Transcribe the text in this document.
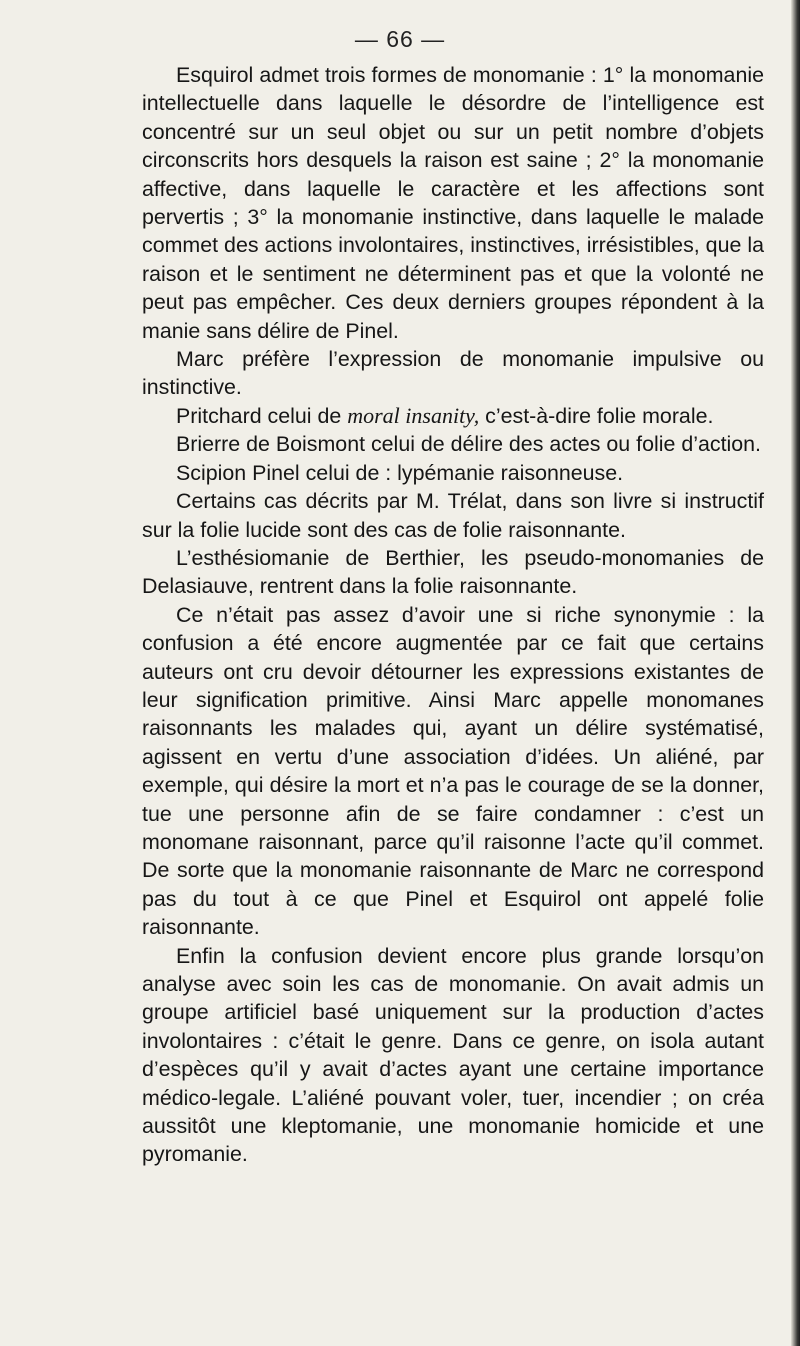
— 66 —

Esquirol admet trois formes de monomanie : 1° la monomanie intellectuelle dans laquelle le désordre de l’intelligence est concentré sur un seul objet ou sur un petit nombre d’objets circonscrits hors desquels la raison est saine ; 2° la monomanie affective, dans laquelle le caractère et les affections sont pervertis ; 3° la monomanie instinctive, dans laquelle le malade commet des actions involontaires, instinctives, irrésistibles, que la raison et le sentiment ne déterminent pas et que la volonté ne peut pas empêcher. Ces deux derniers groupes répondent à la manie sans délire de Pinel.

Marc préfère l’expression de monomanie impulsive ou instinctive.

Pritchard celui de moral insanity, c’est-à-dire folie morale.

Brierre de Boismont celui de délire des actes ou folie d’action.

Scipion Pinel celui de : lypémanie raisonneuse.

Certains cas décrits par M. Trélat, dans son livre si instructif sur la folie lucide sont des cas de folie raisonnante.

L’esthésiomanie de Berthier, les pseudo-monomanies de Delasiauve, rentrent dans la folie raisonnante.

Ce n’était pas assez d’avoir une si riche synonymie : la confusion a été encore augmentée par ce fait que certains auteurs ont cru devoir détourner les expressions existantes de leur signification primitive. Ainsi Marc appelle monomanes raisonnants les malades qui, ayant un délire systématisé, agissent en vertu d’une association d’idées. Un aliéné, par exemple, qui désire la mort et n’a pas le courage de se la donner, tue une personne afin de se faire condamner : c’est un monomane raisonnant, parce qu’il raisonne l’acte qu’il commet. De sorte que la monomanie raisonnante de Marc ne correspond pas du tout à ce que Pinel et Esquirol ont appelé folie raisonnante.

Enfin la confusion devient encore plus grande lorsqu’on analyse avec soin les cas de monomanie. On avait admis un groupe artificiel basé uniquement sur la production d’actes involontaires : c’était le genre. Dans ce genre, on isola autant d’espèces qu’il y avait d’actes ayant une certaine importance médico-legale. L’aliéné pouvant voler, tuer, incendier ; on créa aussitôt une kleptomanie, une monomanie homicide et une pyromanie.
